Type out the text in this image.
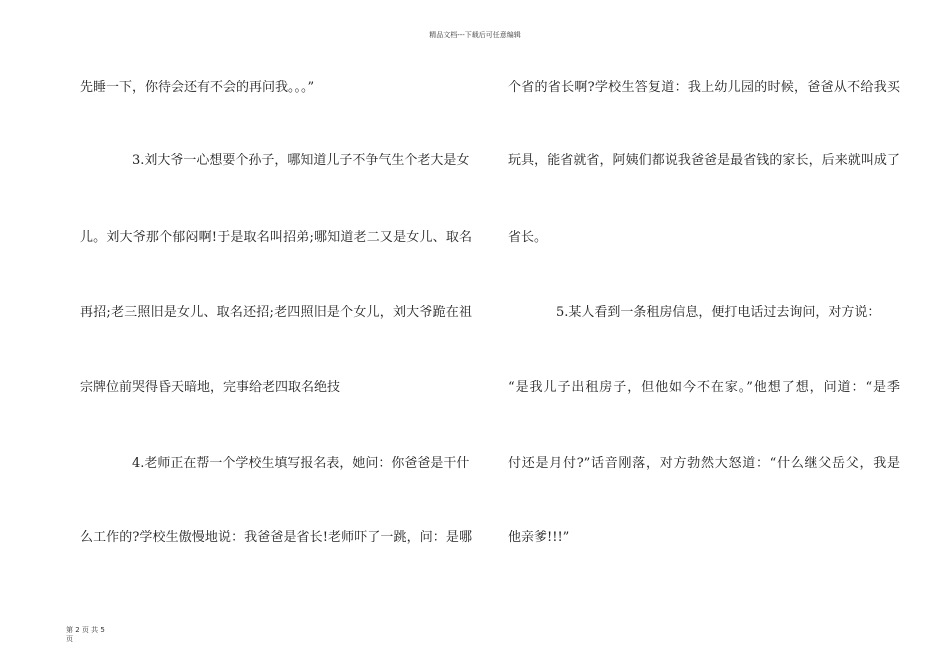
精品文档---下载后可任意编辑
先睡一下，你待会还有不会的再问我。。。”
3.刘大爷一心想要个孙子，哪知道儿子不争气生个老大是女
儿。刘大爷那个郁闷啊!于是取名叫招弟;哪知道老二又是女儿、取名
再招;老三照旧是女儿、取名还招;老四照旧是个女儿，刘大爷跪在祖
宗牌位前哭得昏天暗地，完事给老四取名绝技
4.老师正在帮一个学校生填写报名表，她问：你爸爸是干什
么工作的?学校生傲慢地说：我爸爸是省长!老师吓了一跳，问：是哪
个省的省长啊?学校生答复道：我上幼儿园的时候，爸爸从不给我买
玩具，能省就省，阿姨们都说我爸爸是最省钱的家长，后来就叫成了
省长。
5.某人看到一条租房信息，便打电话过去询问，对方说：
“是我儿子出租房子，但他如今不在家。”他想了想，问道：“是季
付还是月付?”话音刚落，对方勃然大怒道：“什么继父岳父，我是
他亲爹!!!”
第 2 页 共 5
页
